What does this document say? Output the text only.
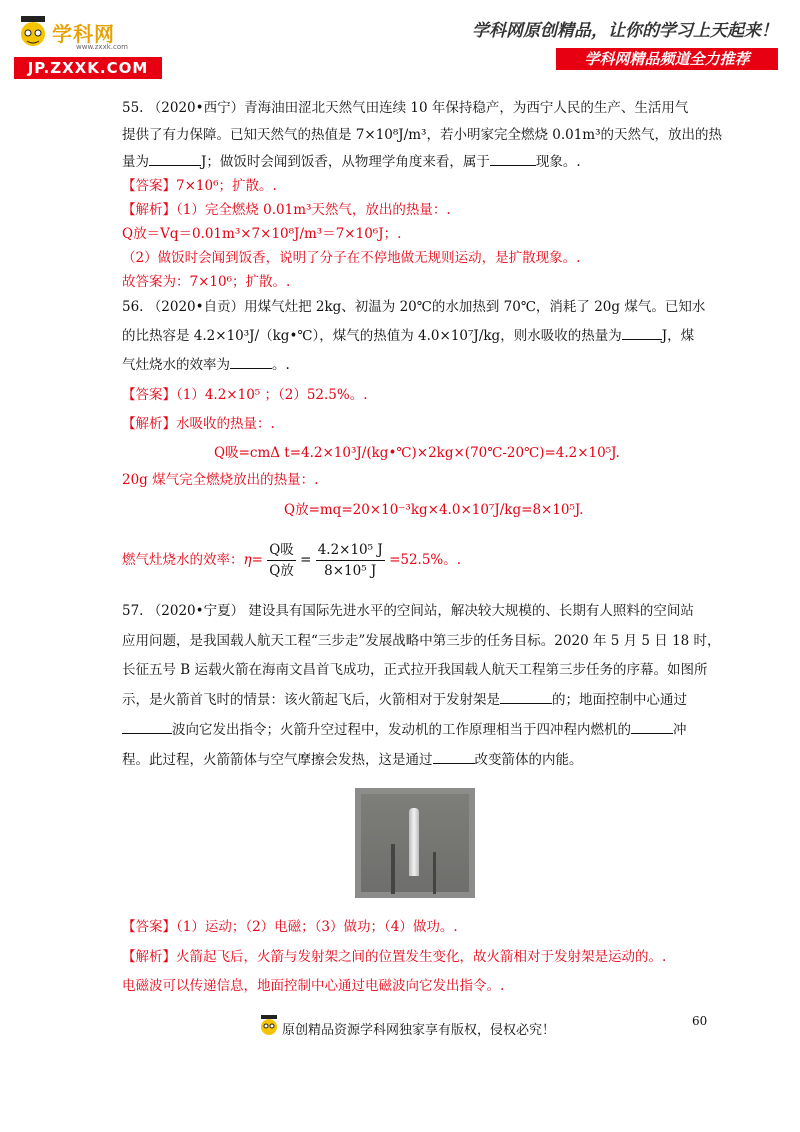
学科网
www.zxxk.com
JP.ZXXK.COM
学科网原创精品，让你的学习上天起来！
学科网精品频道全力推荐
55. （2020•西宁）青海油田涩北天然气田连续 10 年保持稳产，为西宁人民的生产、生活用气
提供了有力保障。已知天然气的热值是 7×10⁸J/m³，若小明家完全燃烧 0.01m³的天然气，放出的热
量为	J；做饭时会闻到饭香，从物理学角度来看，属于	现象。.
【答案】7×10⁶；扩散。.
【解析】（1）完全燃烧 0.01m³天然气，放出的热量：.
Q放＝Vq＝0.01m³×7×10⁸J/m³＝7×10⁶J；.
（2）做饭时会闻到饭香，说明了分子在不停地做无规则运动，是扩散现象。.
故答案为：7×10⁶；扩散。.
56. （2020•自贡）用煤气灶把 2kg、初温为 20℃的水加热到 70℃，消耗了 20g 煤气。已知水
的比热容是 4.2×10³J/（kg•℃），煤气的热值为 4.0×10⁷J/kg，则水吸收的热量为	J，煤
气灶烧水的效率为	。.
【答案】（1）4.2×10⁵ ；（2）52.5%。.
【解析】水吸收的热量：.
Q吸=cmΔ t=4.2×10³J/(kg•℃)×2kg×(70℃-20℃)=4.2×10⁵J.
20g 煤气完全燃烧放出的热量：.
Q放=mq=20×10⁻³kg×4.0×10⁷J/kg=8×10⁵J.
燃气灶烧水的效率：$\eta= \frac{\text{Q吸}}{\text{Q放}} = \frac{\text{4.2×10⁵ J}}{\text{8×10⁵ J}} =52.5\%$。.
57. （2020•宁夏） 建设具有国际先进水平的空间站，解决较大规模的、长期有人照料的空间站
应用问题，是我国载人航天工程“三步走”发展战略中第三步的任务目标。2020 年 5 月 5 日 18 时，
长征五号 B 运载火箭在海南文昌首飞成功，正式拉开我国载人航天工程第三步任务的序幕。如图所
示，是火箭首飞时的情景：该火箭起飞后，火箭相对于发射架是	的；地面控制中心通过
波向它发出指令；火箭升空过程中，发动机的工作原理相当于四冲程内燃机的	冲
程。此过程，火箭箭体与空气摩擦会发热，这是通过	改变箭体的内能。
【答案】（1）运动；（2）电磁；（3）做功；（4）做功。.
【解析】火箭起飞后，火箭与发射架之间的位置发生变化，故火箭相对于发射架是运动的。.
电磁波可以传递信息，地面控制中心通过电磁波向它发出指令。.
60
原创精品资源学科网独家享有版权，侵权必究！
